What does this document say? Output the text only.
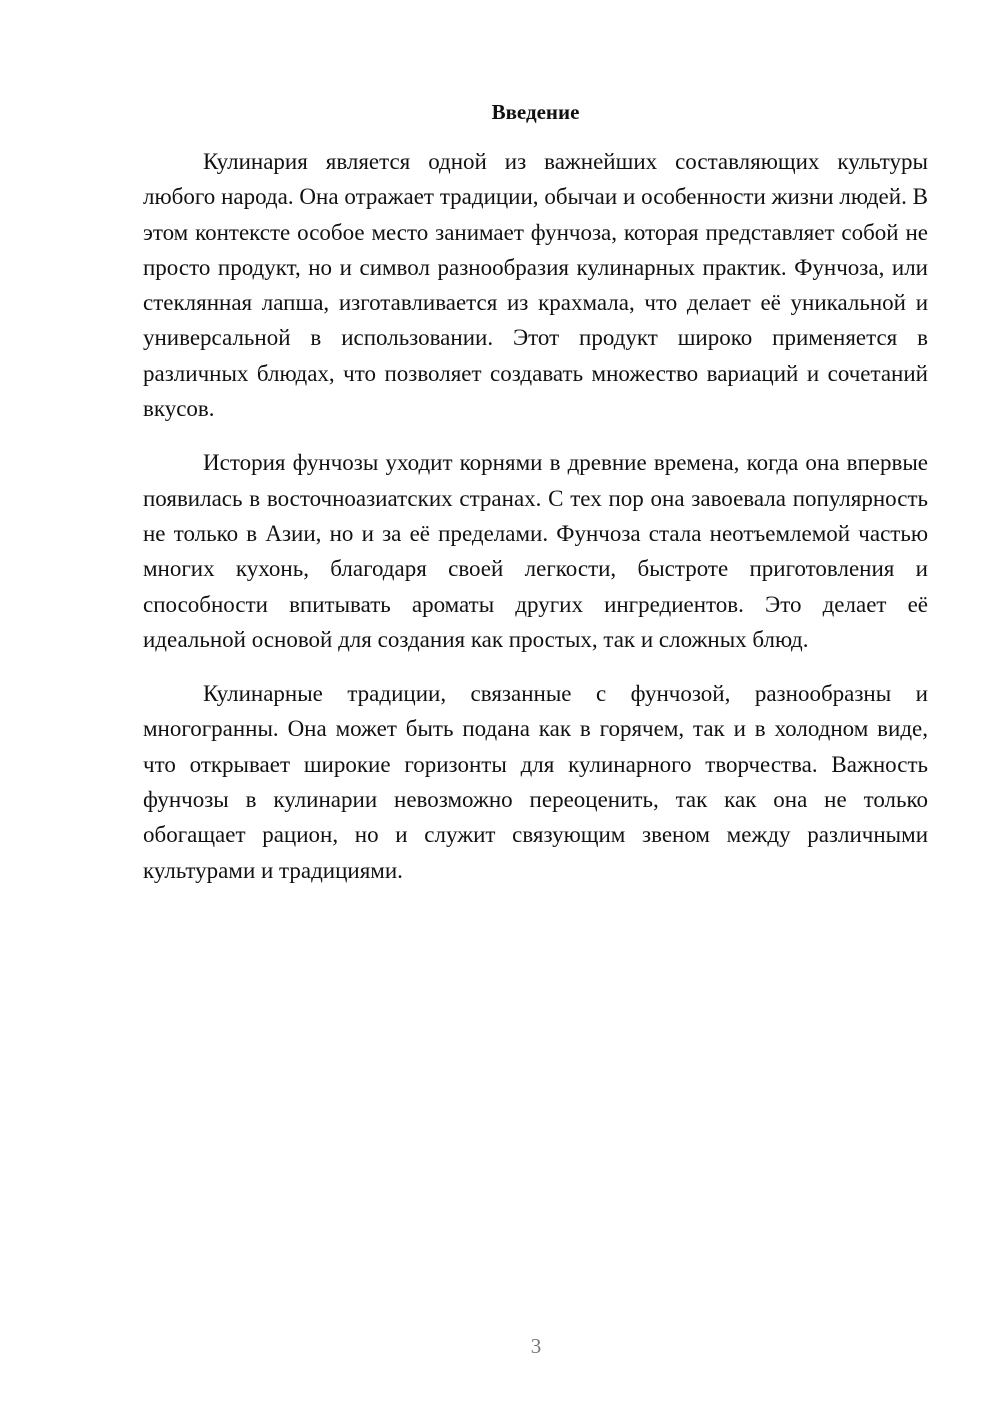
Введение

Кулинария является одной из важнейших составляющих культуры любого народа. Она отражает традиции, обычаи и особенности жизни людей. В этом контексте особое место занимает фунчоза, которая представляет собой не просто продукт, но и символ разнообразия кулинарных практик. Фунчоза, или стеклянная лапша, изготавливается из крахмала, что делает её уникальной и универсальной в использовании. Этот продукт широко применяется в различных блюдах, что позволяет создавать множество вариаций и сочетаний вкусов.

История фунчозы уходит корнями в древние времена, когда она впервые появилась в восточноазиатских странах. С тех пор она завоевала популярность не только в Азии, но и за её пределами. Фунчоза стала неотъемлемой частью многих кухонь, благодаря своей легкости, быстроте приготовления и способности впитывать ароматы других ингредиентов. Это делает её идеальной основой для создания как простых, так и сложных блюд.

Кулинарные традиции, связанные с фунчозой, разнообразны и многогранны. Она может быть подана как в горячем, так и в холодном виде, что открывает широкие горизонты для кулинарного творчества. Важность фунчозы в кулинарии невозможно переоценить, так как она не только обогащает рацион, но и служит связующим звеном между различными культурами и традициями.

3
